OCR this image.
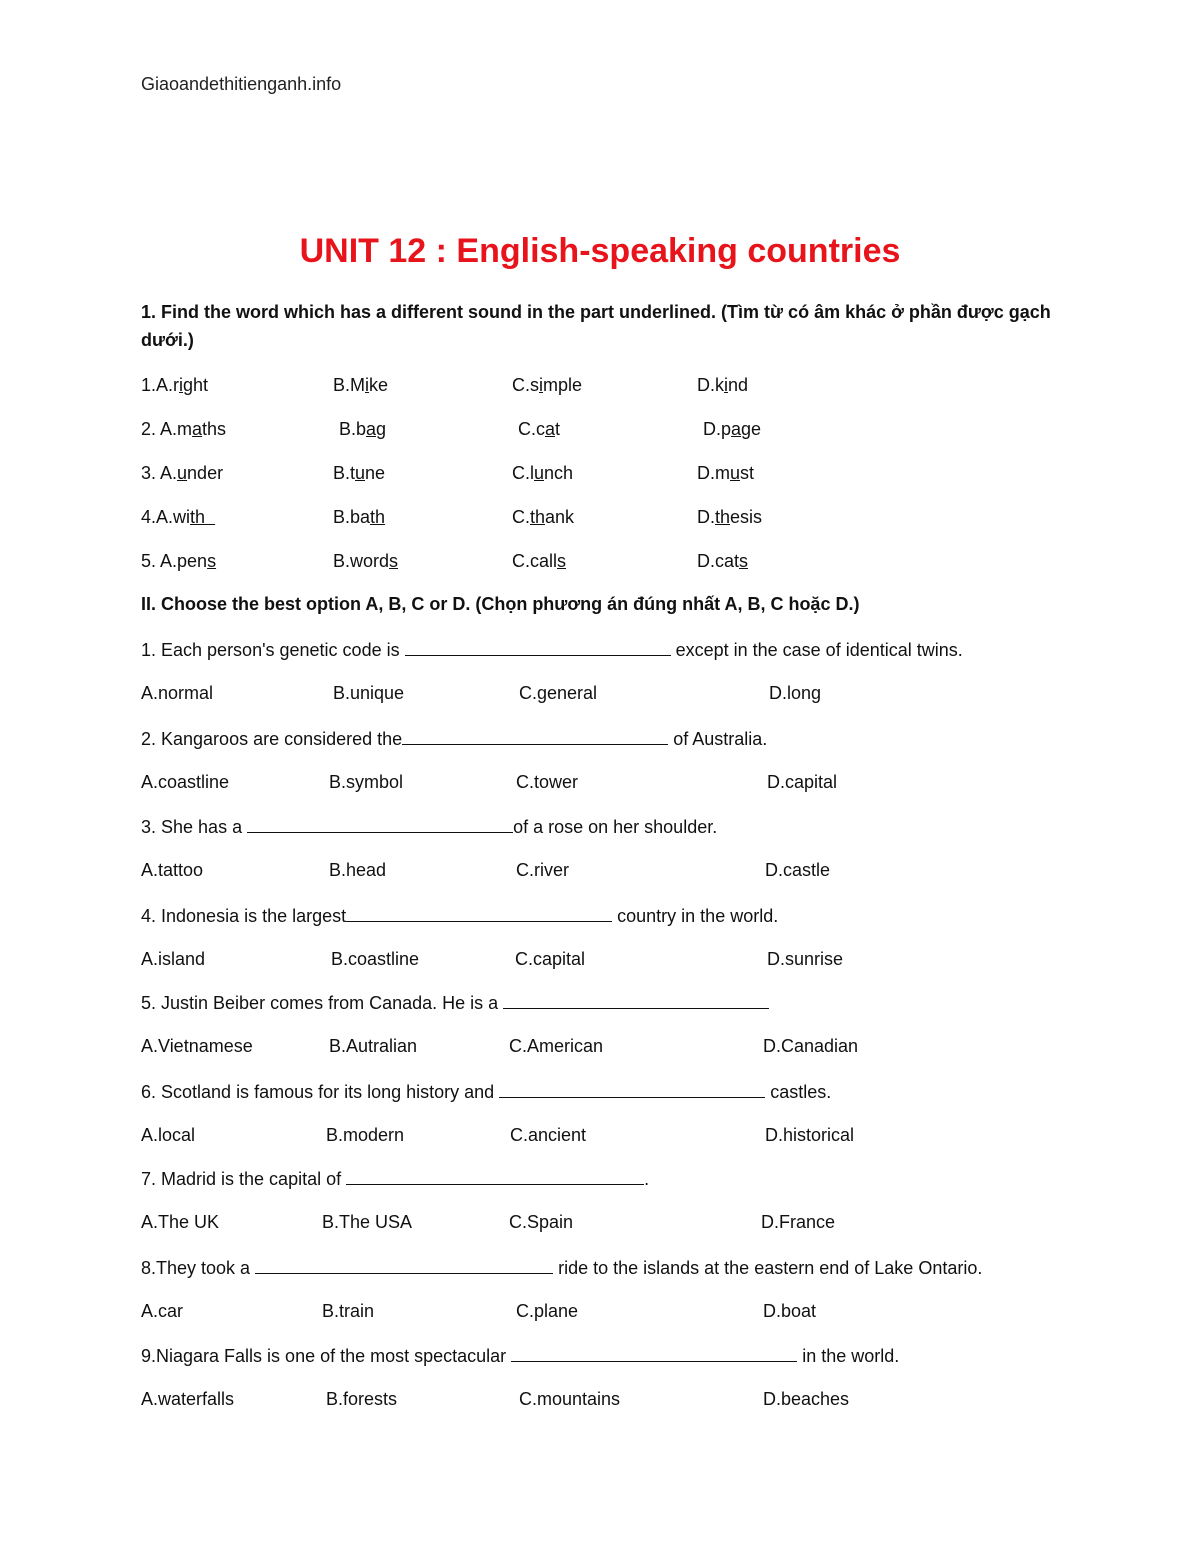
Giaoandethitienganh.info
UNIT 12 : English-speaking countries
1. Find the word which has a different sound in the part underlined. (Tìm từ có âm khác ở phần được gạch dưới.)
1.A.right	B.Mike	C.simple	D.kind
2. A.maths	B.bag	C.cat	D.page
3. A.under	B.tune	C.lunch	D.must
4.A.with	B.bath	C.thank	D.thesis
5. A.pens	B.words	C.calls	D.cats
II. Choose the best option A, B, C or D. (Chọn phương án đúng nhất A, B, C hoặc D.)
1. Each person's genetic code is	except in the case of identical twins.
A.normal	B.unique	C.general	D.long
2. Kangaroos are considered the	of Australia.
A.coastline	B.symbol	C.tower	D.capital
3. She has a	of a rose on her shoulder.
A.tattoo	B.head	C.river	D.castle
4. Indonesia is the largest	country in the world.
A.island	B.coastline	C.capital	D.sunrise
5. Justin Beiber comes from Canada. He is a
A.Vietnamese	B.Autralian	C.American	D.Canadian
6. Scotland is famous for its long history and	castles.
A.local	B.modern	C.ancient	D.historical
7. Madrid is the capital of	.
A.The UK	B.The USA	C.Spain	D.France
8.They took a	ride to the islands at the eastern end of Lake Ontario.
A.car	B.train	C.plane	D.boat
9.Niagara Falls is one of the most spectacular	in the world.
A.waterfalls	B.forests	C.mountains	D.beaches
